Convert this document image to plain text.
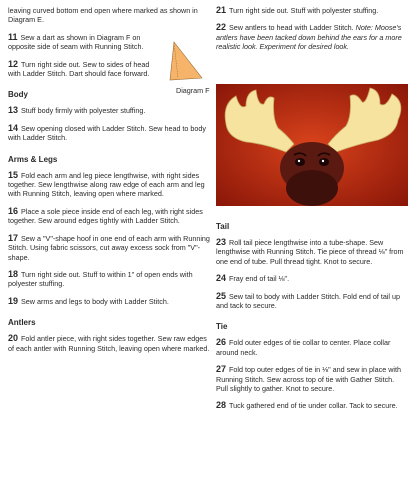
leaving curved bottom end open where marked as shown in Diagram E.

11 Sew a dart as shown in Diagram F on opposite side of seam with Running Stitch.

12 Turn right side out. Sew to sides of head with Ladder Stitch. Dart should face forward.

Body

13 Stuff body firmly with polyester stuffing.

14 Sew opening closed with Ladder Stitch. Sew head to body with Ladder Stitch.

Arms & Legs

15 Fold each arm and leg piece lengthwise, with right sides together. Sew lengthwise along raw edge of each arm and leg with Running Stitch, leaving open where marked.

16 Place a sole piece inside end of each leg, with right sides together. Sew around edges tightly with Ladder Stitch.

17 Sew a "V"-shape hoof in one end of each arm with Running Stitch. Using fabric scissors, cut away excess sock from "V"-shape.

18 Turn right side out. Stuff to within 1" of open ends with polyester stuffing.

19 Sew arms and legs to body with Ladder Stitch.

Antlers

20 Fold antler piece, with right sides together. Sew raw edges of each antler with Running Stitch, leaving open where marked.

Diagram F

21 Turn right side out. Stuff with polyester stuffing.

22 Sew antlers to head with Ladder Stitch. Note: Moose's antlers have been tacked down behind the ears for a more realistic look. Experiment for desired look.

Tail

23 Roll tail piece lengthwise into a tube-shape. Sew lengthwise with Running Stitch. Tie piece of thread ⅛" from one end of tube. Pull thread tight. Knot to secure.

24 Fray end of tail ⅛".

25 Sew tail to body with Ladder Stitch. Fold end of tail up and tack to secure.

Tie

26 Fold outer edges of tie collar to center. Place collar around neck.

27 Fold top outer edges of tie in ⅛" and sew in place with Running Stitch. Sew across top of tie with Gather Stitch. Pull slightly to gather. Knot to secure.

28 Tuck gathered end of tie under collar. Tack to secure.
